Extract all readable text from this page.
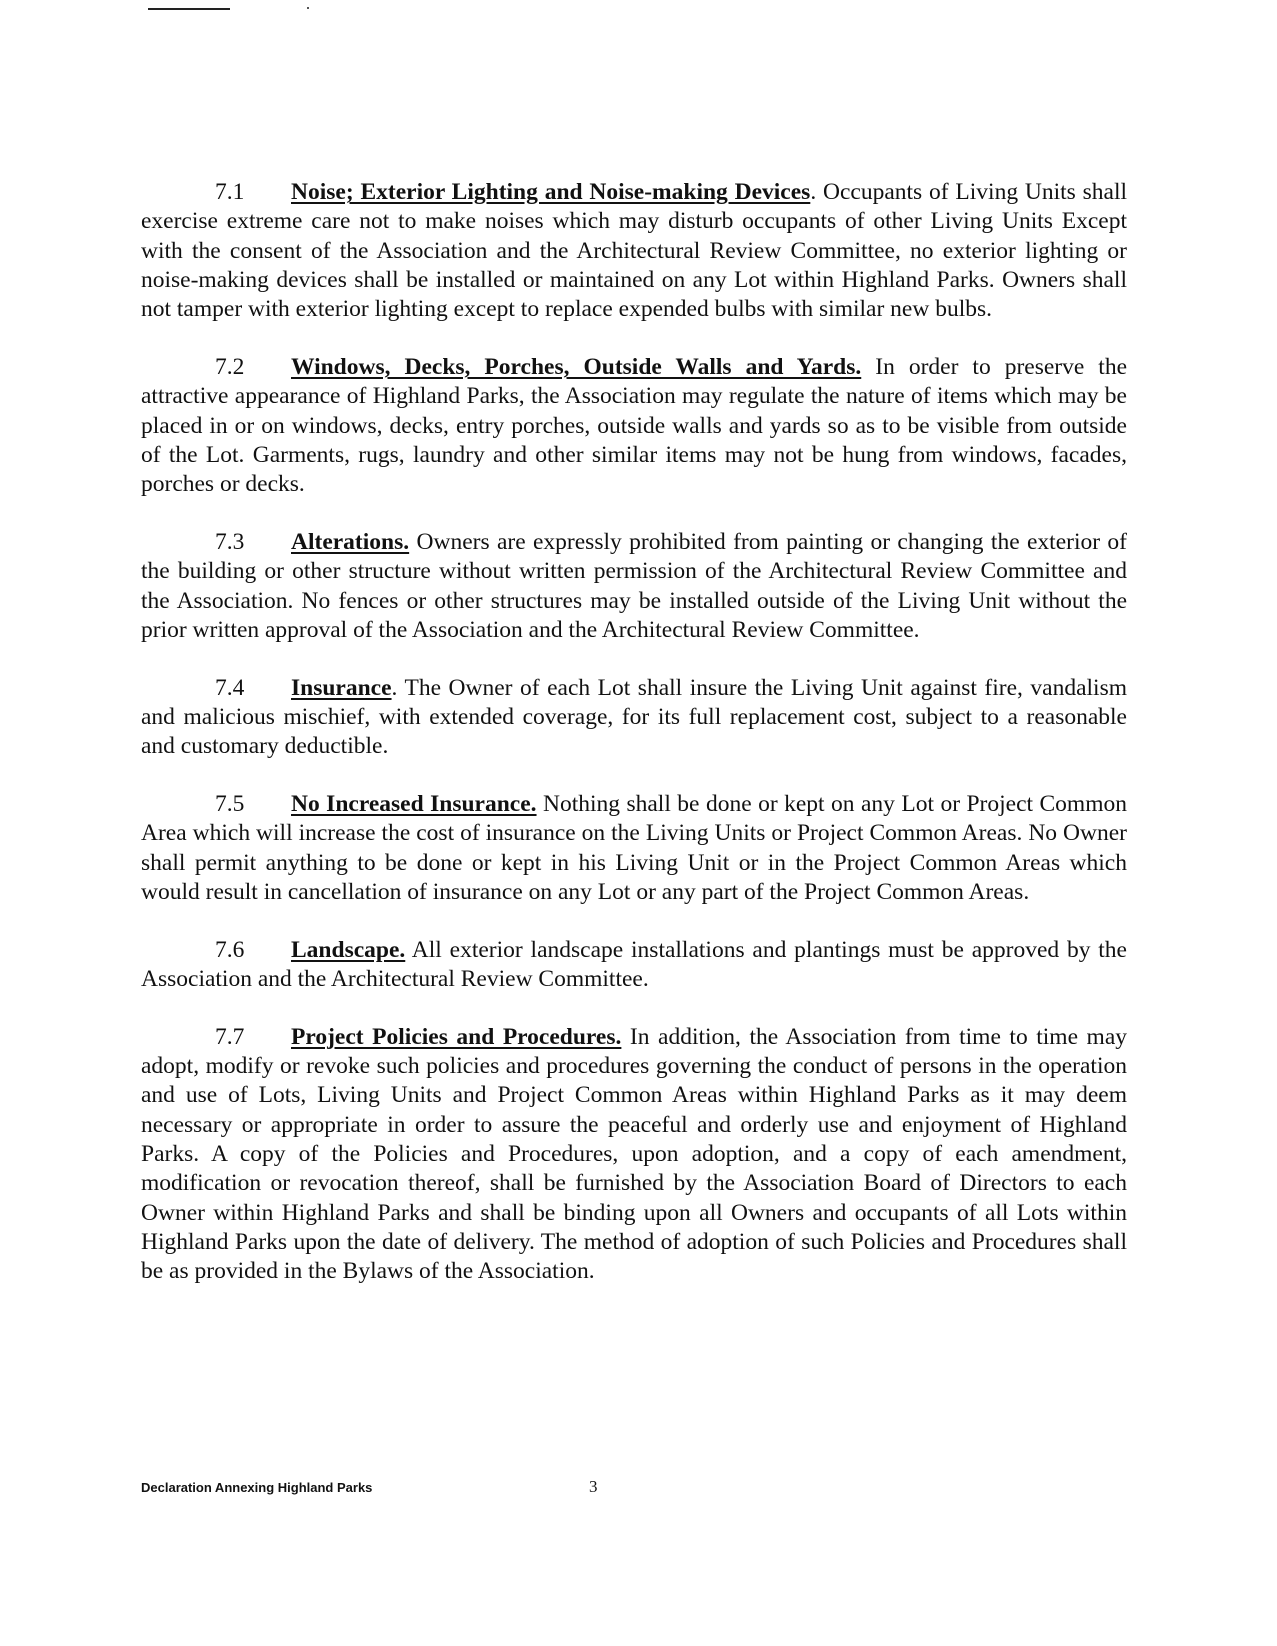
7.1 Noise; Exterior Lighting and Noise-making Devices. Occupants of Living Units shall exercise extreme care not to make noises which may disturb occupants of other Living Units Except with the consent of the Association and the Architectural Review Committee, no exterior lighting or noise-making devices shall be installed or maintained on any Lot within Highland Parks. Owners shall not tamper with exterior lighting except to replace expended bulbs with similar new bulbs.

7.2 Windows, Decks, Porches, Outside Walls and Yards. In order to preserve the attractive appearance of Highland Parks, the Association may regulate the nature of items which may be placed in or on windows, decks, entry porches, outside walls and yards so as to be visible from outside of the Lot. Garments, rugs, laundry and other similar items may not be hung from windows, facades, porches or decks.

7.3 Alterations. Owners are expressly prohibited from painting or changing the exterior of the building or other structure without written permission of the Architectural Review Committee and the Association. No fences or other structures may be installed outside of the Living Unit without the prior written approval of the Association and the Architectural Review Committee.

7.4 Insurance. The Owner of each Lot shall insure the Living Unit against fire, vandalism and malicious mischief, with extended coverage, for its full replacement cost, subject to a reasonable and customary deductible.

7.5 No Increased Insurance. Nothing shall be done or kept on any Lot or Project Common Area which will increase the cost of insurance on the Living Units or Project Common Areas. No Owner shall permit anything to be done or kept in his Living Unit or in the Project Common Areas which would result in cancellation of insurance on any Lot or any part of the Project Common Areas.

7.6 Landscape. All exterior landscape installations and plantings must be approved by the Association and the Architectural Review Committee.

7.7 Project Policies and Procedures. In addition, the Association from time to time may adopt, modify or revoke such policies and procedures governing the conduct of persons in the operation and use of Lots, Living Units and Project Common Areas within Highland Parks as it may deem necessary or appropriate in order to assure the peaceful and orderly use and enjoyment of Highland Parks. A copy of the Policies and Procedures, upon adoption, and a copy of each amendment, modification or revocation thereof, shall be furnished by the Association Board of Directors to each Owner within Highland Parks and shall be binding upon all Owners and occupants of all Lots within Highland Parks upon the date of delivery. The method of adoption of such Policies and Procedures shall be as provided in the Bylaws of the Association.

Declaration Annexing Highland Parks	3
